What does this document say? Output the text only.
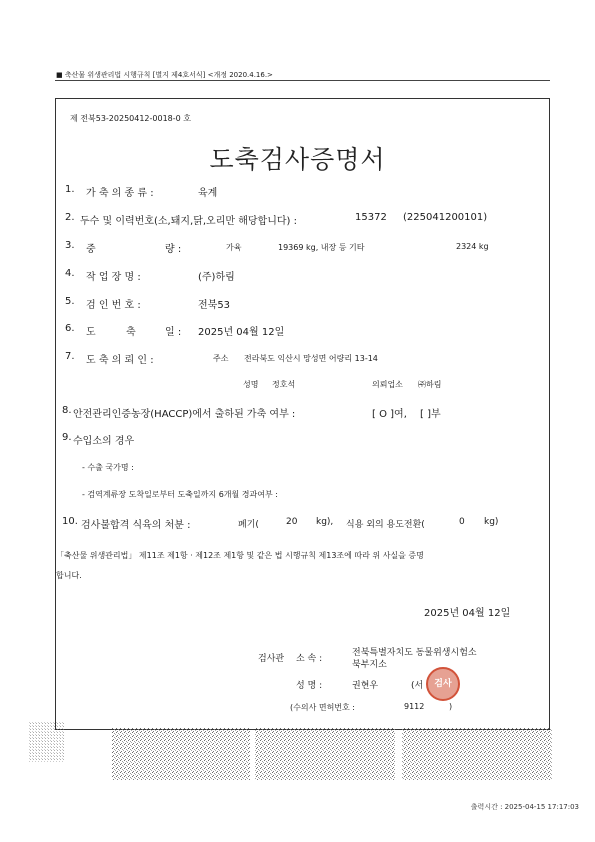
■ 축산물 위생관리법 시행규칙 [별지 제4호서식] <개정 2020.4.16.>
제 전북53-20250412-0018-0 호
도축검사증명서
1. 가 축 의 종 류 :	육계
2. 두수 및 이력번호(소,돼지,닭,오리만 해당합니다) :	15372 (225041200101)
3. 중	량 :	가육	19369 kg, 내장 등 기타	2324 kg
4. 작 업 장 명 :	(주)하림
5. 검 인 번 호 :	전북53
6. 도	축	일 : 2025년 04월 12일
7. 도 축 의 뢰 인 :	주소 전라북도 익산시 망성면 어량리 13-14
성명 정호석	의뢰업소 ㈜하림
8. 안전관리인증농장(HACCP)에서 출하된 가축 여부 :	[ O ]여, [ ]부
9. 수입소의 경우
- 수출 국가명 :
- 검역계류장 도착일로부터 도축일까지 6개월 경과여부 :
10. 검사불합격 식육의 처분 :	폐기(	20 kg), 식용 외의 용도전환(	0 kg)
「축산물 위생관리법」 제11조 제1항 · 제12조 제1항 및 같은 법 시행규칙 제13조에 따라 위 사실을 증명
합니다.
2025년 04월 12일
검사관 소 속 :
전북특별자치도 동물위생시험소
북부지소
성 명 :	권현우	(서	검사
(수의사 면허번호 :	9112	)
출력시간 : 2025-04-15 17:17:03
